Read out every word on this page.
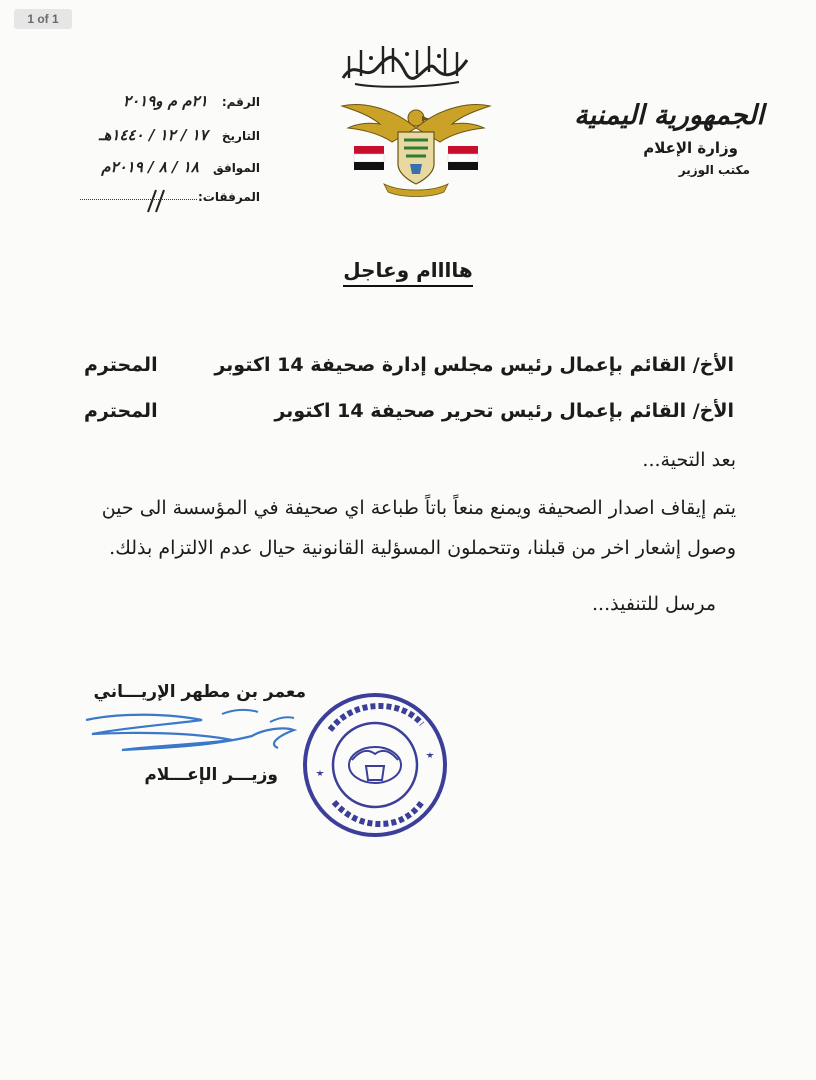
1 of 1
الجمهورية اليمنية
وزارة الإعلام
مكتب الوزير
الرقم: ٢١م م و٢٠١٩
التاريخ ١٧ / ١٢ / ١٤٤٠هـ
الموافق ١٨ / ٨ / ٢٠١٩م
المرفقات:
هاااام وعاجل
الأخ/ القائم بإعمال رئيس مجلس إدارة صحيفة 14 اكتوبر
المحترم
الأخ/ القائم بإعمال رئيس تحرير صحيفة 14 اكتوبر
المحترم
بعد التحية...
يتم إيقاف اصدار الصحيفة ويمنع منعاً باتاً طباعة اي صحيفة في المؤسسة الى حين وصول إشعار اخر من قبلنا، وتتحملون المسؤلية القانونية حيال عدم الالتزام بذلك.
مرسل للتنفيذ...
معمر بن مطهر الإريـــاني
وزيـــر الإعـــلام
